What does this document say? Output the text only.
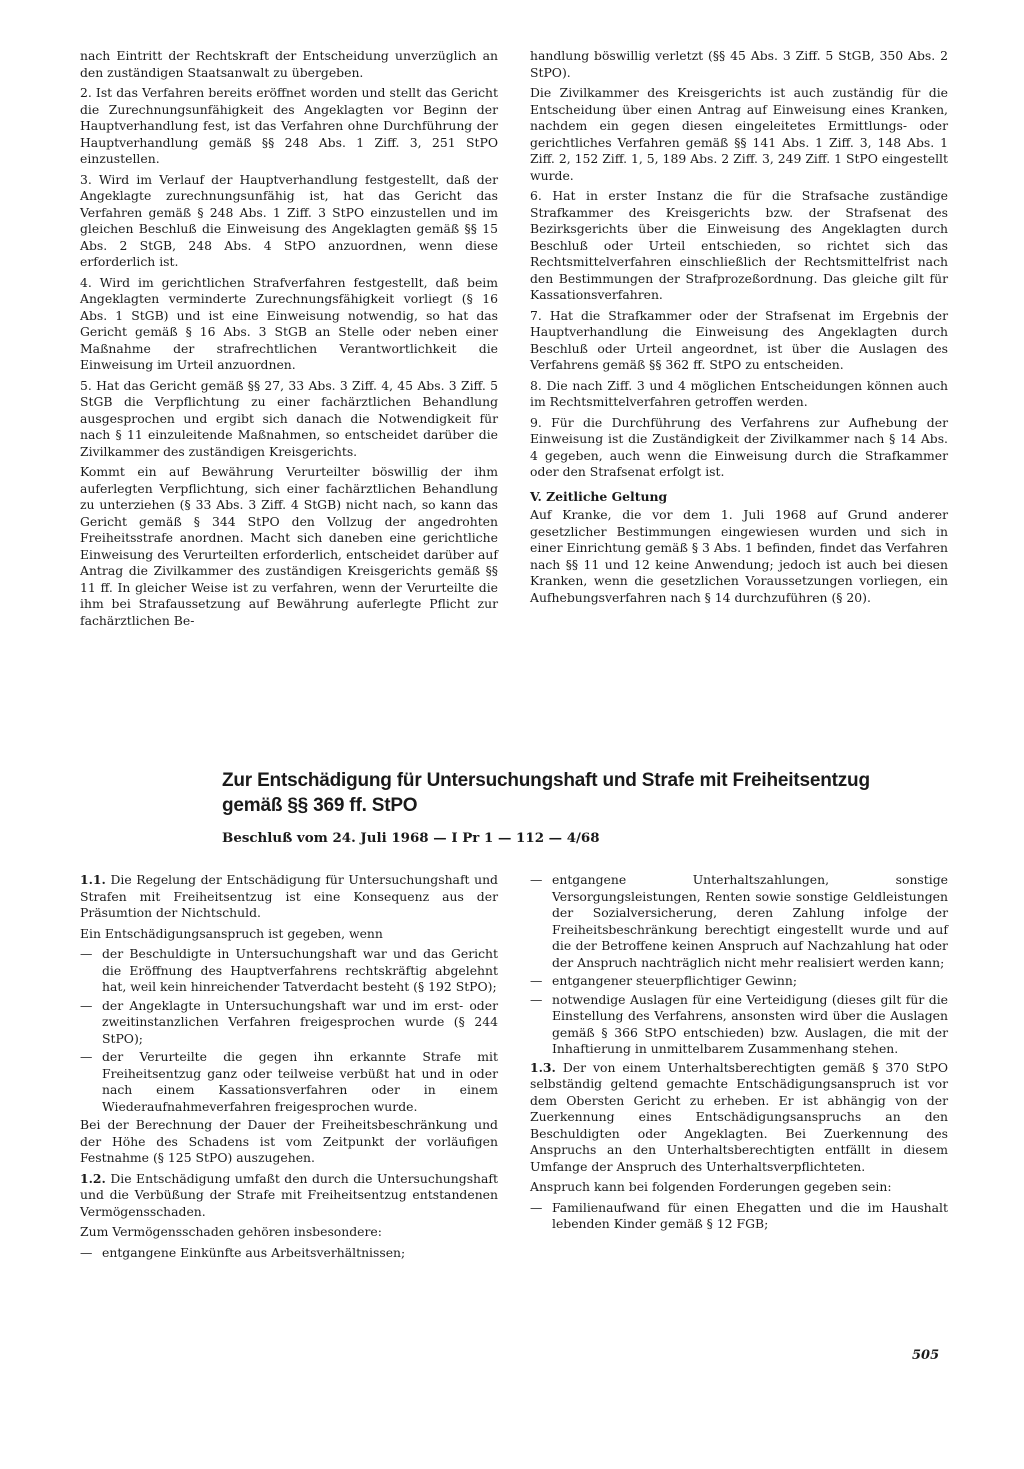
nach Eintritt der Rechtskraft der Entscheidung unverzüglich an den zuständigen Staatsanwalt zu übergeben.

2. Ist das Verfahren bereits eröffnet worden und stellt das Gericht die Zurechnungsunfähigkeit des Angeklagten vor Beginn der Hauptverhandlung fest, ist das Verfahren ohne Durchführung der Hauptverhandlung gemäß §§ 248 Abs. 1 Ziff. 3, 251 StPO einzustellen.

3. Wird im Verlauf der Hauptverhandlung festgestellt, daß der Angeklagte zurechnungsunfähig ist, hat das Gericht das Verfahren gemäß § 248 Abs. 1 Ziff. 3 StPO einzustellen und im gleichen Beschluß die Einweisung des Angeklagten gemäß §§ 15 Abs. 2 StGB, 248 Abs. 4 StPO anzuordnen, wenn diese erforderlich ist.

4. Wird im gerichtlichen Strafverfahren festgestellt, daß beim Angeklagten verminderte Zurechnungsfähigkeit vorliegt (§ 16 Abs. 1 StGB) und ist eine Einweisung notwendig, so hat das Gericht gemäß § 16 Abs. 3 StGB an Stelle oder neben einer Maßnahme der strafrechtlichen Verantwortlichkeit die Einweisung im Urteil anzuordnen.

5. Hat das Gericht gemäß §§ 27, 33 Abs. 3 Ziff. 4, 45 Abs. 3 Ziff. 5 StGB die Verpflichtung zu einer fachärztlichen Behandlung ausgesprochen und ergibt sich danach die Notwendigkeit für nach § 11 einzuleitende Maßnahmen, so entscheidet darüber die Zivilkammer des zuständigen Kreisgerichts.

Kommt ein auf Bewährung Verurteilter böswillig der ihm auferlegten Verpflichtung, sich einer fachärztlichen Behandlung zu unterziehen (§ 33 Abs. 3 Ziff. 4 StGB) nicht nach, so kann das Gericht gemäß § 344 StPO den Vollzug der angedrohten Freiheitsstrafe anordnen. Macht sich daneben eine gerichtliche Einweisung des Verurteilten erforderlich, entscheidet darüber auf Antrag die Zivilkammer des zuständigen Kreisgerichts gemäß §§ 11 ff. In gleicher Weise ist zu verfahren, wenn der Verurteilte die ihm bei Strafaussetzung auf Bewährung auferlegte Pflicht zur fachärztlichen Be-

handlung böswillig verletzt (§§ 45 Abs. 3 Ziff. 5 StGB, 350 Abs. 2 StPO).

Die Zivilkammer des Kreisgerichts ist auch zuständig für die Entscheidung über einen Antrag auf Einweisung eines Kranken, nachdem ein gegen diesen eingeleitetes Ermittlungs- oder gerichtliches Verfahren gemäß §§ 141 Abs. 1 Ziff. 3, 148 Abs. 1 Ziff. 2, 152 Ziff. 1, 5, 189 Abs. 2 Ziff. 3, 249 Ziff. 1 StPO eingestellt wurde.

6. Hat in erster Instanz die für die Strafsache zuständige Strafkammer des Kreisgerichts bzw. der Strafsenat des Bezirksgerichts über die Einweisung des Angeklagten durch Beschluß oder Urteil entschieden, so richtet sich das Rechtsmittelverfahren einschließlich der Rechtsmittelfrist nach den Bestimmungen der Strafprozeßordnung. Das gleiche gilt für Kassationsverfahren.

7. Hat die Strafkammer oder der Strafsenat im Ergebnis der Hauptverhandlung die Einweisung des Angeklagten durch Beschluß oder Urteil angeordnet, ist über die Auslagen des Verfahrens gemäß §§ 362 ff. StPO zu entscheiden.

8. Die nach Ziff. 3 und 4 möglichen Entscheidungen können auch im Rechtsmittelverfahren getroffen werden.

9. Für die Durchführung des Verfahrens zur Aufhebung der Einweisung ist die Zuständigkeit der Zivilkammer nach § 14 Abs. 4 gegeben, auch wenn die Einweisung durch die Strafkammer oder den Strafsenat erfolgt ist.

V. Zeitliche Geltung

Auf Kranke, die vor dem 1. Juli 1968 auf Grund anderer gesetzlicher Bestimmungen eingewiesen wurden und sich in einer Einrichtung gemäß § 3 Abs. 1 befinden, findet das Verfahren nach §§ 11 und 12 keine Anwendung; jedoch ist auch bei diesen Kranken, wenn die gesetzlichen Voraussetzungen vorliegen, ein Aufhebungsverfahren nach § 14 durchzuführen (§ 20).

Zur Entschädigung für Untersuchungshaft und Strafe mit Freiheitsentzug
gemäß §§ 369 ff. StPO
Beschluß vom 24. Juli 1968 — I Pr 1 — 112 — 4/68

1.1. Die Regelung der Entschädigung für Untersuchungshaft und Strafen mit Freiheitsentzug ist eine Konsequenz aus der Präsumtion der Nichtschuld.

Ein Entschädigungsanspruch ist gegeben, wenn

— der Beschuldigte in Untersuchungshaft war und das Gericht die Eröffnung des Hauptverfahrens rechtskräftig abgelehnt hat, weil kein hinreichender Tatverdacht besteht (§ 192 StPO);
— der Angeklagte in Untersuchungshaft war und im erst- oder zweitinstanzlichen Verfahren freigesprochen wurde (§ 244 StPO);
— der Verurteilte die gegen ihn erkannte Strafe mit Freiheitsentzug ganz oder teilweise verbüßt hat und in oder nach einem Kassationsverfahren oder in einem Wiederaufnahmeverfahren freigesprochen wurde.

Bei der Berechnung der Dauer der Freiheitsbeschränkung und der Höhe des Schadens ist vom Zeitpunkt der vorläufigen Festnahme (§ 125 StPO) auszugehen.

1.2. Die Entschädigung umfaßt den durch die Untersuchungshaft und die Verbüßung der Strafe mit Freiheitsentzug entstandenen Vermögensschaden.

Zum Vermögensschaden gehören insbesondere:

— entgangene Einkünfte aus Arbeitsverhältnissen;
— entgangene Unterhaltszahlungen, sonstige Versorgungsleistungen, Renten sowie sonstige Geldleistungen der Sozialversicherung, deren Zahlung infolge der Freiheitsbeschränkung berechtigt eingestellt wurde und auf die der Betroffene keinen Anspruch auf Nachzahlung hat oder der Anspruch nachträglich nicht mehr realisiert werden kann;
— entgangener steuerpflichtiger Gewinn;
— notwendige Auslagen für eine Verteidigung (dieses gilt für die Einstellung des Verfahrens, ansonsten wird über die Auslagen gemäß § 366 StPO entschieden) bzw. Auslagen, die mit der Inhaftierung in unmittelbarem Zusammenhang stehen.

1.3. Der von einem Unterhaltsberechtigten gemäß § 370 StPO selbständig geltend gemachte Entschädigungsanspruch ist vor dem Obersten Gericht zu erheben. Er ist abhängig von der Zuerkennung eines Entschädigungsanspruchs an den Beschuldigten oder Angeklagten. Bei Zuerkennung des Anspruchs an den Unterhaltsberechtigten entfällt in diesem Umfange der Anspruch des Unterhaltsverpflichteten.

Anspruch kann bei folgenden Forderungen gegeben sein:

— Familienaufwand für einen Ehegatten und die im Haushalt lebenden Kinder gemäß § 12 FGB;
505
